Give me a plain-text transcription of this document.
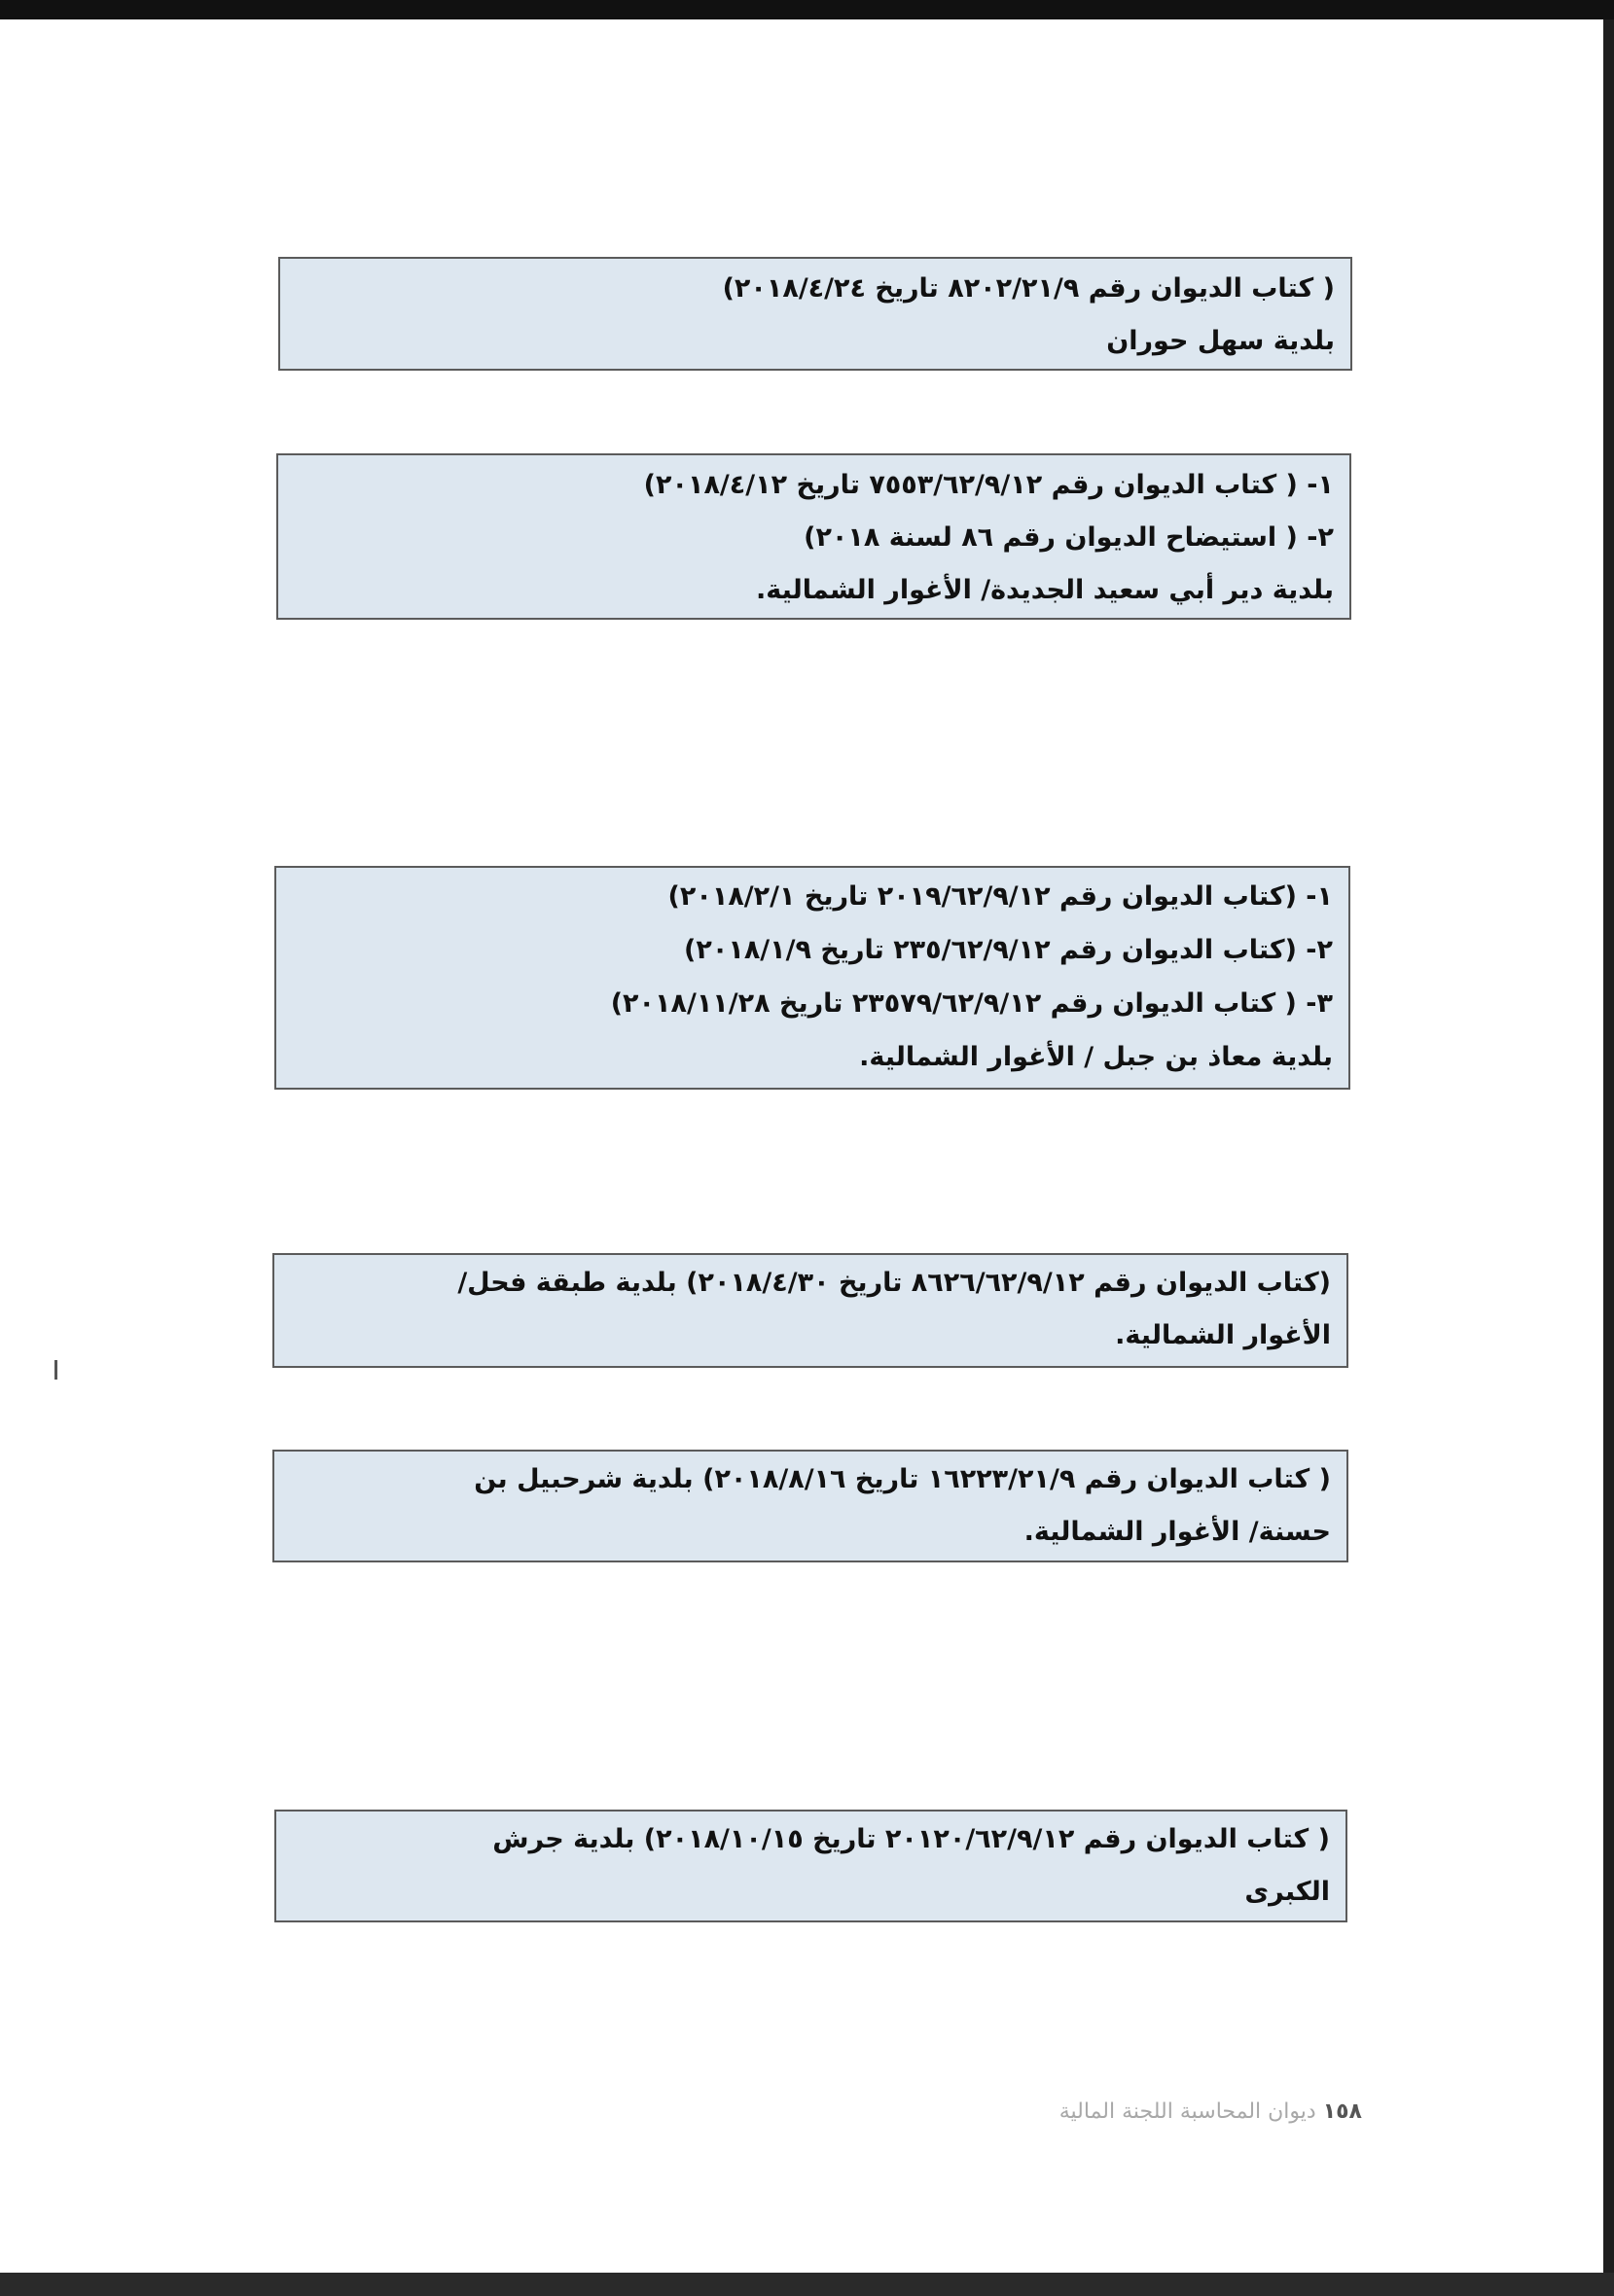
( كتاب الديوان رقم ٨٢٠٢/٢١/٩ تاريخ ٢٠١٨/٤/٢٤)
بلدية سهل حوران
١- ( كتاب الديوان رقم ٧٥٥٣/٦٢/٩/١٢ تاريخ ٢٠١٨/٤/١٢)
٢- ( استيضاح الديوان رقم ٨٦ لسنة ٢٠١٨)
بلدية دير أبي سعيد الجديدة/ الأغوار الشمالية.
١- (كتاب الديوان رقم ٢٠١٩/٦٢/٩/١٢ تاريخ ٢٠١٨/٢/١)
٢- (كتاب الديوان رقم ٢٣٥/٦٢/٩/١٢ تاريخ ٢٠١٨/١/٩)
٣- ( كتاب الديوان رقم ٢٣٥٧٩/٦٢/٩/١٢ تاريخ ٢٠١٨/١١/٢٨)
بلدية معاذ بن جبل / الأغوار الشمالية.
(كتاب الديوان رقم ٨٦٢٦/٦٢/٩/١٢ تاريخ ٢٠١٨/٤/٣٠) بلدية طبقة فحل/
الأغوار الشمالية.
( كتاب الديوان رقم ١٦٢٢٣/٢١/٩ تاريخ ٢٠١٨/٨/١٦) بلدية شرحبيل بن
حسنة/ الأغوار الشمالية.
( كتاب الديوان رقم ٢٠١٢٠/٦٢/٩/١٢ تاريخ ٢٠١٨/١٠/١٥) بلدية جرش
الكبرى
١٥٨ ديوان المحاسبة اللجنة المالية
